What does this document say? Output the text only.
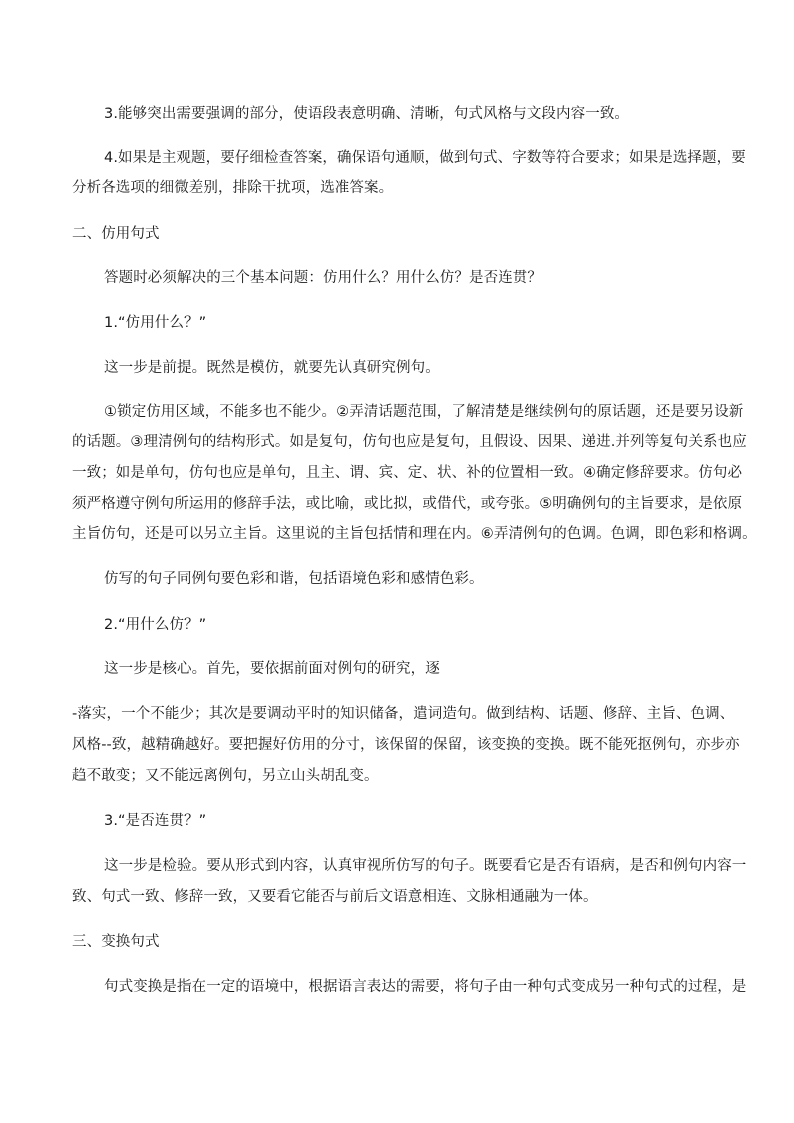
3.能够突出需要强调的部分，使语段表意明确、清晰，句式风格与文段内容一致。
4.如果是主观题，要仔细检查答案，确保语句通顺，做到句式、字数等符合要求；如果是选择题，要
分析各选项的细微差别，排除干扰项，选准答案。
二、仿用句式
答题时必须解决的三个基本问题：仿用什么？用什么仿？是否连贯？
1.“仿用什么？”
这一步是前提。既然是模仿，就要先认真研究例句。
①锁定仿用区域，不能多也不能少。②弄清话题范围，了解清楚是继续例句的原话题，还是要另设新
的话题。③理清例句的结构形式。如是复句，仿句也应是复句，且假设、因果、递进.并列等复句关系也应
一致；如是单句，仿句也应是单句，且主、谓、宾、定、状、补的位置相一致。④确定修辞要求。仿句必
须严格遵守例句所运用的修辞手法，或比喻，或比拟，或借代，或夸张。⑤明确例句的主旨要求，是依原
主旨仿句，还是可以另立主旨。这里说的主旨包括情和理在内。⑥弄清例句的色调。色调，即色彩和格调。
仿写的句子同例句要色彩和谐，包括语境色彩和感情色彩。
2.“用什么仿？”
这一步是核心。首先，要依据前面对例句的研究，逐
-落实，一个不能少；其次是要调动平时的知识储备，遣词造句。做到结构、话题、修辞、主旨、色调、
风格--致，越精确越好。要把握好仿用的分寸，该保留的保留，该变换的变换。既不能死抠例句，亦步亦
趋不敢变；又不能远离例句，另立山头胡乱变。
3.“是否连贯？”
这一步是检验。要从形式到内容，认真审视所仿写的句子。既要看它是否有语病，是否和例句内容一
致、句式一致、修辞一致，又要看它能否与前后文语意相连、文脉相通融为一体。
三、变换句式
句式变换是指在一定的语境中，根据语言表达的需要，将句子由一种句式变成另一种句式的过程，是
